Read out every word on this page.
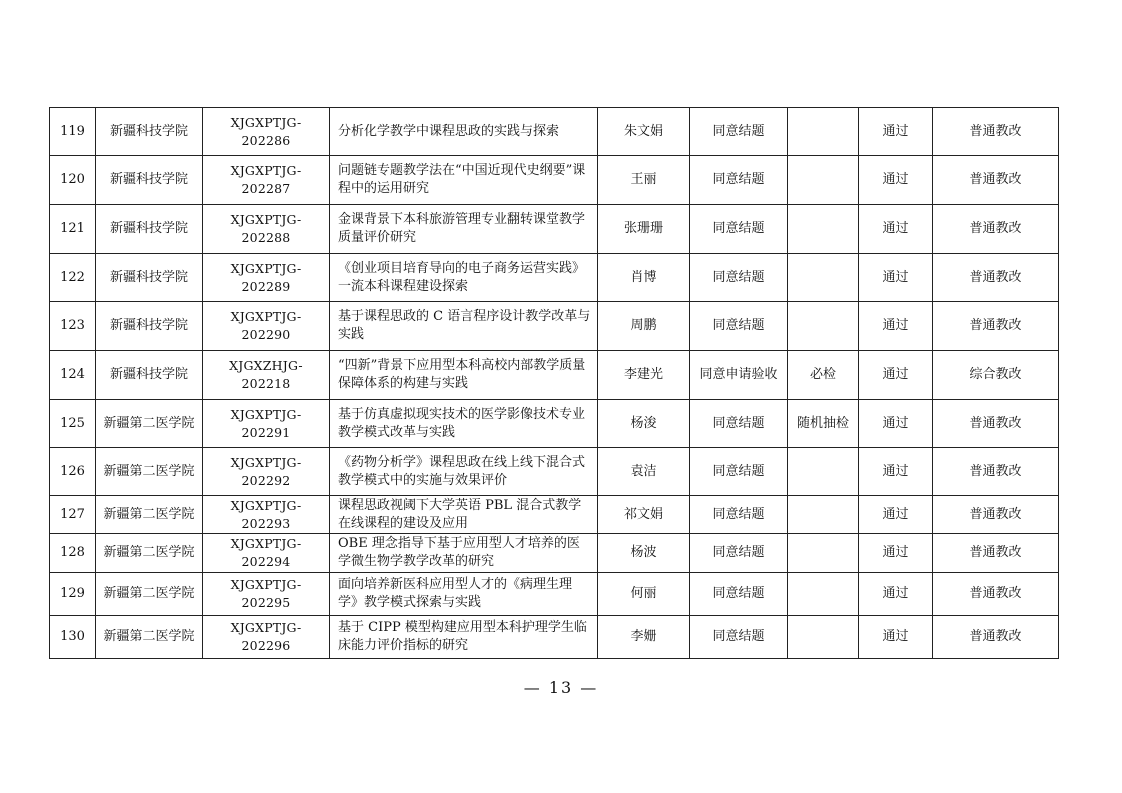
119	新疆科技学院	XJGXPTJG-202286	分析化学教学中课程思政的实践与探索	朱文娟	同意结题		通过	普通教改
120	新疆科技学院	XJGXPTJG-202287	问题链专题教学法在“中国近现代史纲要”课程中的运用研究	王丽	同意结题		通过	普通教改
121	新疆科技学院	XJGXPTJG-202288	金课背景下本科旅游管理专业翻转课堂教学质量评价研究	张珊珊	同意结题		通过	普通教改
122	新疆科技学院	XJGXPTJG-202289	《创业项目培育导向的电子商务运营实践》一流本科课程建设探索	肖博	同意结题		通过	普通教改
123	新疆科技学院	XJGXPTJG-202290	基于课程思政的 C 语言程序设计教学改革与实践	周鹏	同意结题		通过	普通教改
124	新疆科技学院	XJGXZHJG-202218	“四新”背景下应用型本科高校内部教学质量保障体系的构建与实践	李建光	同意申请验收	必检	通过	综合教改
125	新疆第二医学院	XJGXPTJG-202291	基于仿真虚拟现实技术的医学影像技术专业教学模式改革与实践	杨浚	同意结题	随机抽检	通过	普通教改
126	新疆第二医学院	XJGXPTJG-202292	《药物分析学》课程思政在线上线下混合式教学模式中的实施与效果评价	袁洁	同意结题		通过	普通教改
127	新疆第二医学院	XJGXPTJG-202293	课程思政视阈下大学英语 PBL 混合式教学在线课程的建设及应用	祁文娟	同意结题		通过	普通教改
128	新疆第二医学院	XJGXPTJG-202294	OBE 理念指导下基于应用型人才培养的医学微生物学教学改革的研究	杨波	同意结题		通过	普通教改
129	新疆第二医学院	XJGXPTJG-202295	面向培养新医科应用型人才的《病理生理学》教学模式探索与实践	何丽	同意结题		通过	普通教改
130	新疆第二医学院	XJGXPTJG-202296	基于 CIPP 模型构建应用型本科护理学生临床能力评价指标的研究	李姗	同意结题		通过	普通教改
— 13 —
